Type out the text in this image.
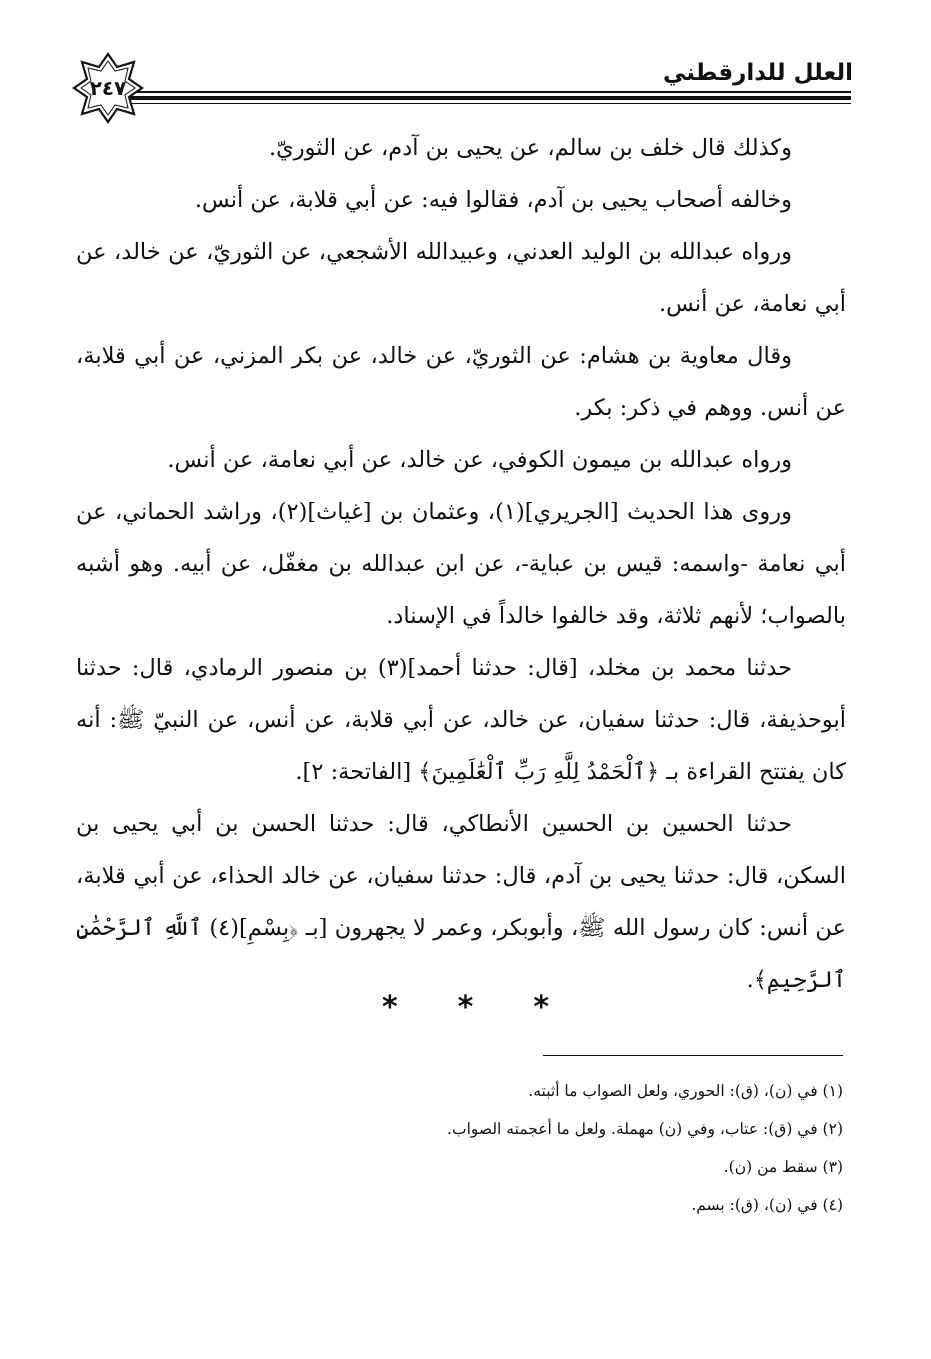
العلل للدارقطني
٢٤٧

وكذلك قال خلف بن سالم، عن يحيى بن آدم، عن الثوريّ.

وخالفه أصحاب يحيى بن آدم، فقالوا فيه: عن أبي قلابة، عن أنس.

ورواه عبدالله بن الوليد العدني، وعبيدالله الأشجعي، عن الثوريّ، عن خالد، عن أبي نعامة، عن أنس.

وقال معاوية بن هشام: عن الثوريّ، عن خالد، عن بكر المزني، عن أبي قلابة، عن أنس. ووهم في ذكر: بكر.

ورواه عبدالله بن ميمون الكوفي، عن خالد، عن أبي نعامة، عن أنس.

وروى هذا الحديث [الجريري](١)، وعثمان بن [غياث](٢)، وراشد الحماني، عن أبي نعامة -واسمه: قيس بن عباية-، عن ابن عبدالله بن مغفّل، عن أبيه. وهو أشبه بالصواب؛ لأنهم ثلاثة، وقد خالفوا خالداً في الإسناد.

حدثنا محمد بن مخلد، [قال: حدثنا أحمد](٣) بن منصور الرمادي، قال: حدثنا أبوحذيفة، قال: حدثنا سفيان، عن خالد، عن أبي قلابة، عن أنس، عن النبيّ ﷺ: أنه كان يفتتح القراءة بـ ﴿ٱلْحَمْدُ لِلَّهِ رَبِّ ٱلْعَٰلَمِينَ﴾ [الفاتحة: ٢].

حدثنا الحسين بن الحسين الأنطاكي، قال: حدثنا الحسن بن أبي يحيى بن السكن، قال: حدثنا يحيى بن آدم، قال: حدثنا سفيان، عن خالد الحذاء، عن أبي قلابة، عن أنس: كان رسول الله ﷺ، وأبوبكر، وعمر لا يجهرون [بـ ﴿بِسْمِ](٤) ٱللَّهِ ٱلرَّحْمَٰنِ ٱلرَّحِيمِ﴾.

* * *

(١) في (ن)، (ق): الحوري، ولعل الصواب ما أثبته.

(٢) في (ق): عتاب، وفي (ن) مهملة. ولعل ما أعجمته الصواب.

(٣) سقط من (ن).

(٤) في (ن)، (ق): بسم.
